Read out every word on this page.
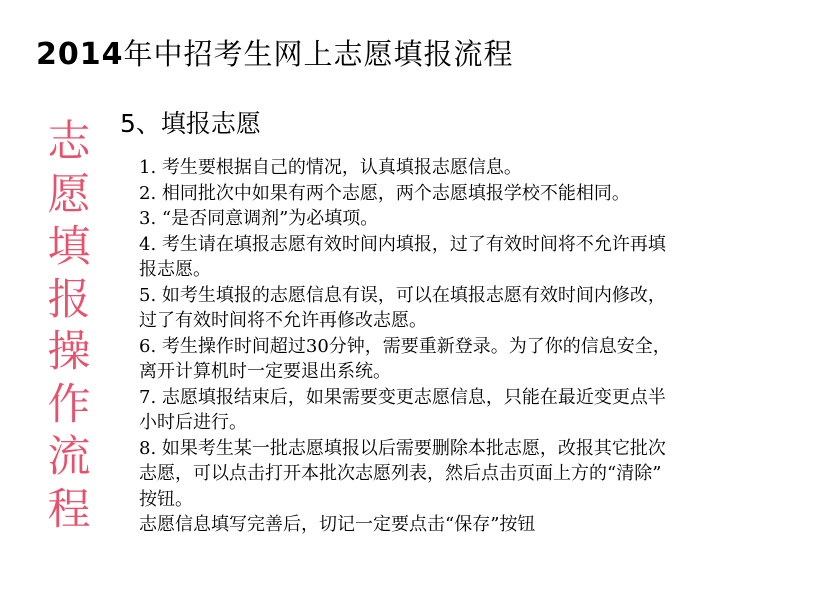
2014年中招考生网上志愿填报流程
志
愿
填
报
操
作
流
程
5、填报志愿

1. 考生要根据自己的情况，认真填报志愿信息。

2. 相同批次中如果有两个志愿，两个志愿填报学校不能相同。

3. “是否同意调剂”为必填项。

4. 考生请在填报志愿有效时间内填报，过了有效时间将不允许再填

报志愿。

5. 如考生填报的志愿信息有误，可以在填报志愿有效时间内修改，

过了有效时间将不允许再修改志愿。

6. 考生操作时间超过30分钟，需要重新登录。为了你的信息安全，

离开计算机时一定要退出系统。

7. 志愿填报结束后，如果需要变更志愿信息，只能在最近变更点半

小时后进行。

8. 如果考生某一批志愿填报以后需要删除本批志愿，改报其它批次

志愿，可以点击打开本批次志愿列表，然后点击页面上方的“清除”

按钮。

志愿信息填写完善后，切记一定要点击“保存”按钮
